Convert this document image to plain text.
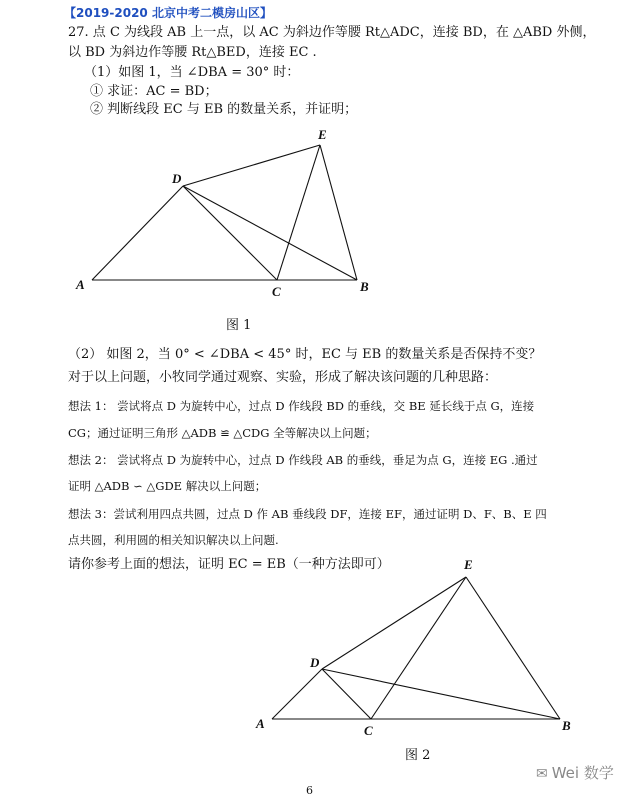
【2019-2020 北京中考二模房山区】
27. 点 C 为线段 AB 上一点，以 AC 为斜边作等腰 Rt△ADC，连接 BD，在 △ABD 外侧，
以 BD 为斜边作等腰 Rt△BED，连接 EC .
（1）如图 1，当 ∠DBA = 30° 时：
① 求证：AC = BD；
② 判断线段 EC 与 EB 的数量关系，并证明；
A	B
C
D
E
A	B
C
D
E
图 1
（2） 如图 2，当 0° < ∠DBA < 45° 时，EC 与 EB 的数量关系是否保持不变？
对于以上问题，小牧同学通过观察、实验，形成了解决该问题的几种思路：
想法 1： 尝试将点 D 为旋转中心，过点 D 作线段 BD 的垂线，交 BE 延长线于点 G，连接
CG；通过证明三角形 △ADB ≌ △CDG 全等解决以上问题；
想法 2： 尝试将点 D 为旋转中心，过点 D 作线段 AB 的垂线，垂足为点 G，连接 EG .通过
证明 △ADB ∽ △GDE 解决以上问题；
想法 3：尝试利用四点共圆，过点 D 作 AB 垂线段 DF，连接 EF，通过证明 D、F、B、E 四
点共圆，利用圆的相关知识解决以上问题.
请你参考上面的想法，证明 EC = EB（一种方法即可）
图 2
6
✉ Wei 数学
